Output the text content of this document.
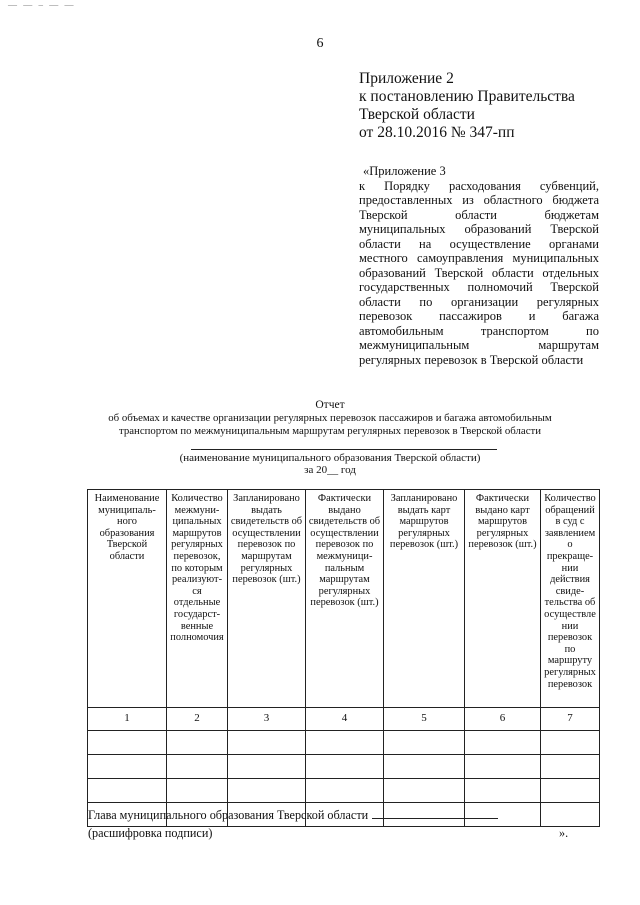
— — – — —
6
Приложение 2
к постановлению Правительства
Тверской области
от 28.10.2016 № 347-пп
«Приложение 3

к Порядку расходования субвенций,

предоставленных из областного бюджета

Тверской области бюджетам

муниципальных образований Тверской

области на осуществление органами

местного самоуправления муниципальных

образований Тверской области отдельных

государственных полномочий Тверской

области по организации регулярных

перевозок пассажиров и багажа

автомобильным транспортом по

межмуниципальным маршрутам

регулярных перевозок в Тверской области

Отчет
об объемах и качестве организации регулярных перевозок пассажиров и багажа автомобильным
транспортом по межмуниципальным маршрутам регулярных перевозок в Тверской области
(наименование муниципального образования Тверской области)
за 20__ год
Наименование муниципаль-ного образования Тверской области	Количество межмуни-ципальных маршрутов регулярных перевозок, по которым реализуют-ся отдельные государст-венные полномочия	Запланировано выдать свидетельств об осуществлении перевозок по маршрутам регулярных перевозок (шт.)	Фактически выдано свидетельств об осуществлении перевозок по межмуници-пальным маршрутам регулярных перевозок (шт.)	Запланировано выдать карт маршрутов регулярных перевозок (шт.)	Фактически выдано карт маршрутов регулярных перевозок (шт.)	Количество обращений в суд с заявлением о прекраще-нии действия свиде-тельства об осуществле нии перевозок по маршруту регулярных перевозок
1	2	3	4	5	6	7

Глава муниципального образования Тверской области
(расшифровка подписи)	».
